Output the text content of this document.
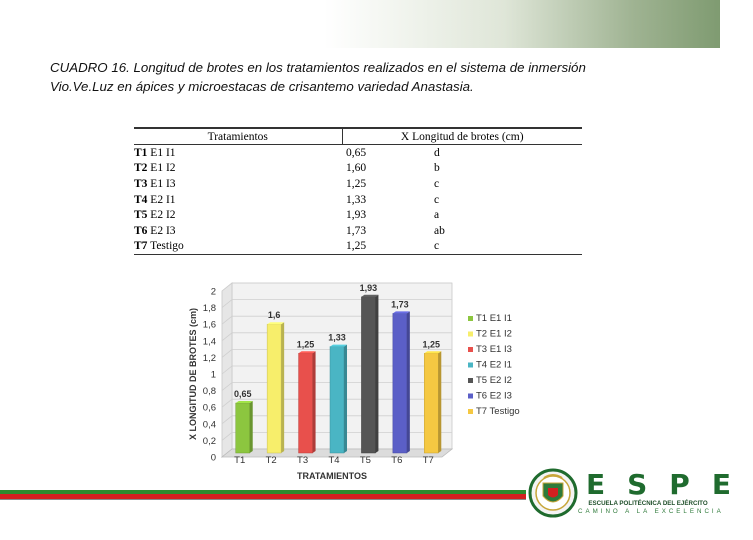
CUADRO 16. Longitud de brotes en los tratamientos realizados en el sistema de inmersión
Vio.Ve.Luz en ápices y microestacas de crisantemo variedad Anastasia.
Tratamientos		X Longitud de brotes (cm)	
T1 E1 I1		0,65	d
T2 E1 I2		1,60	b
T3 E1 I3		1,25	c
T4 E2 I1		1,33	c
T5 E2 I2		1,93	a
T6 E2 I3		1,73	ab
T7 Testigo		1,25	c
0
0,2
0,4
0,6
0,8
1
1,2
1,4
1,6
1,8
2
X LONGITUD DE BROTES (cm)	0,65
T1
1,6
T2
1,25
T3
1,33
T4
1,93
T5
1,73
T6
1,25
T7
TRATAMIENTOS
T1 E1 I1
T2 E1 I2
T3 E1 I3
T4 E2 I1
T5 E2 I2
T6 E2 I3
T7 Testigo
ESPE
ESCUELA POLITÉCNICA DEL EJÉRCITO
CAMINO A LA EXCELENCIA
